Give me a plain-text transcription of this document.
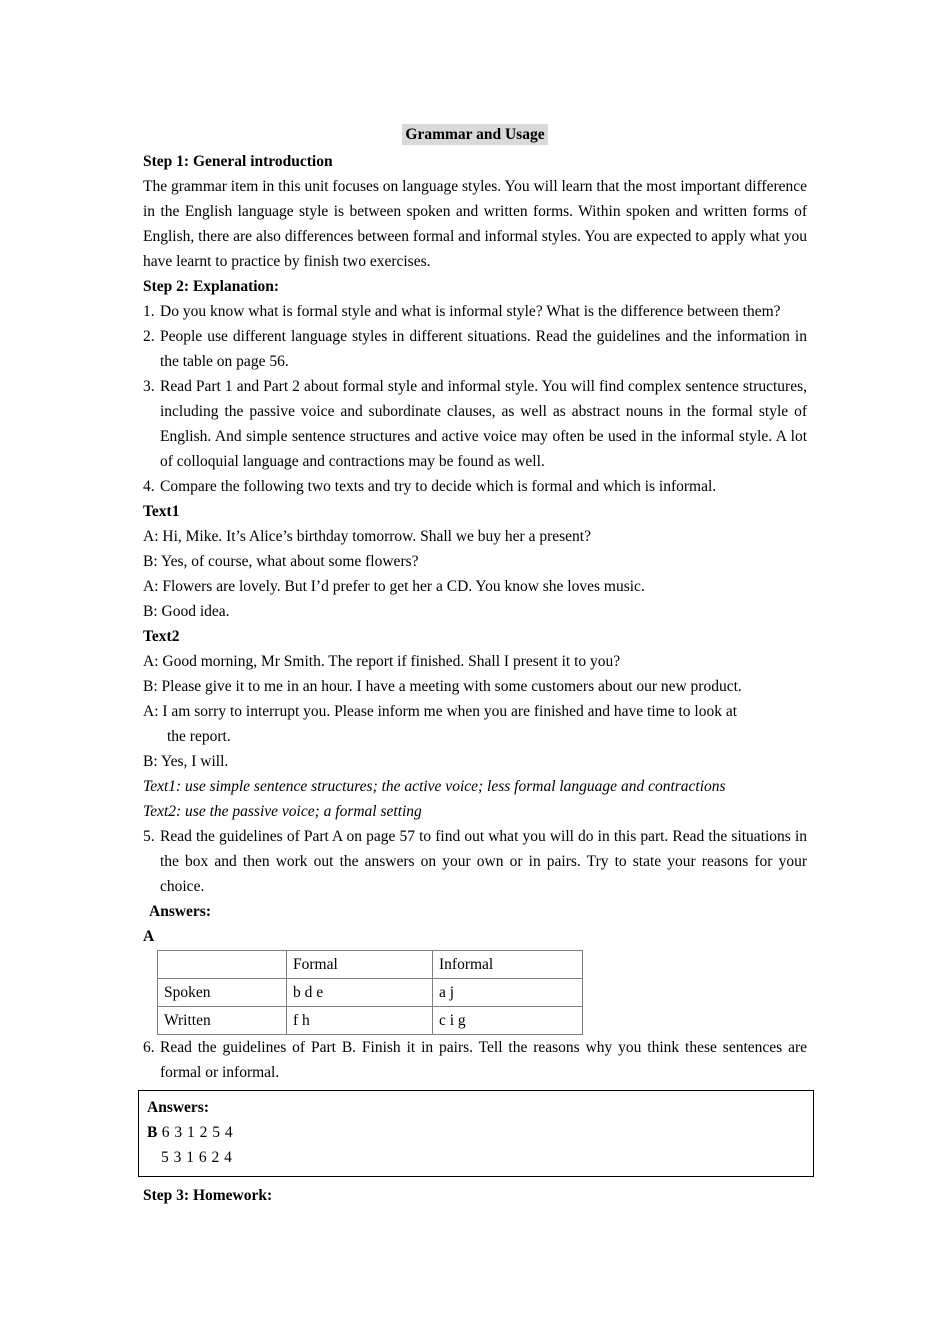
Grammar and Usage
Step 1: General introduction
The grammar item in this unit focuses on language styles. You will learn that the most important difference in the English language style is between spoken and written forms. Within spoken and written forms of English, there are also differences between formal and informal styles. You are expected to apply what you have learnt to practice by finish two exercises.
Step 2: Explanation:
1. Do you know what is formal style and what is informal style? What is the difference between them?
2. People use different language styles in different situations. Read the guidelines and the information in the table on page 56.
3. Read Part 1 and Part 2 about formal style and informal style. You will find complex sentence structures, including the passive voice and subordinate clauses, as well as abstract nouns in the formal style of English. And simple sentence structures and active voice may often be used in the informal style. A lot of colloquial language and contractions may be found as well.
4. Compare the following two texts and try to decide which is formal and which is informal.
Text1
A: Hi, Mike. It’s Alice’s birthday tomorrow. Shall we buy her a present?
B: Yes, of course, what about some flowers?
A: Flowers are lovely. But I’d prefer to get her a CD. You know she loves music.
B: Good idea.
Text2
A: Good morning, Mr Smith. The report if finished. Shall I present it to you?
B: Please give it to me in an hour. I have a meeting with some customers about our new product.
A: I am sorry to interrupt you. Please inform me when you are finished and have time to look at
the report.
B: Yes, I will.
Text1: use simple sentence structures; the active voice; less formal language and contractions
Text2: use the passive voice; a formal setting
5. Read the guidelines of Part A on page 57 to find out what you will do in this part. Read the situations in the box and then work out the answers on your own or in pairs. Try to state your reasons for your choice.
Answers:
A
	Formal	Informal
Spoken	b d e	a j
Written	f h	c i g
6. Read the guidelines of Part B. Finish it in pairs. Tell the reasons why you think these sentences are formal or informal.
Answers:
B 6 3 1 2 5 4
5 3 1 6 2 4
Step 3: Homework:
